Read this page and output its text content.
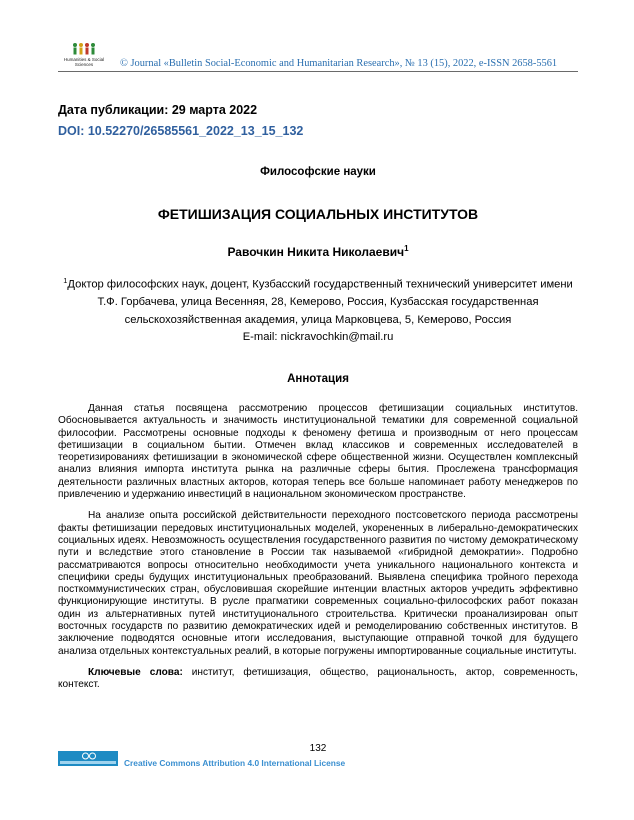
Humanities & Social Sciences	© Journal «Bulletin Social-Economic and Humanitarian Research», № 13 (15), 2022, e-ISSN 2658-5561
Дата публикации: 29 марта 2022
DOI: 10.52270/26585561_2022_13_15_132
Философские науки
ФЕТИШИЗАЦИЯ СОЦИАЛЬНЫХ ИНСТИТУТОВ
Равочкин Никита Николаевич$^1$
$^1$Доктор философских наук, доцент, Кузбасский государственный технический университет имени Т.Ф. Горбачева, улица Весенняя, 28, Кемерово, Россия, Кузбасская государственная сельскохозяйственная академия, улица Марковцева, 5, Кемерово, Россия
E-mail: nickravochkin@mail.ru
Аннотация

Данная статья посвящена рассмотрению процессов фетишизации социальных институтов. Обосновывается актуальность и значимость институциональной тематики для современной социальной философии. Рассмотрены основные подходы к феномену фетиша и производным от него процессам фетишизации в социальном бытии. Отмечен вклад классиков и современных исследователей в теоретизированиях фетишизации в экономической сфере общественной жизни. Осуществлен комплексный анализ влияния импорта института рынка на различные сферы бытия. Прослежена трансформация деятельности различных властных акторов, которая теперь все больше напоминает работу менеджеров по привлечению и удержанию инвестиций в национальном экономическом пространстве.

На анализе опыта российской действительности переходного постсоветского периода рассмотрены факты фетишизации передовых институциональных моделей, укорененных в либерально-демократических социальных идеях. Невозможность осуществления государственного развития по чистому демократическому пути и вследствие этого становление в России так называемой «гибридной демократии». Подробно рассматриваются вопросы относительно необходимости учета уникального национального контекста и специфики среды будущих институциональных преобразований. Выявлена специфика тройного перехода посткоммунистических стран, обусловившая скорейшие интенции властных акторов учредить эффективно функционирующие институты. В русле прагматики современных социально-философских работ показан один из альтернативных путей институционального строительства. Критически проанализирован опыт восточных государств по развитию демократических идей и ремоделированию собственных институтов. В заключение подводятся основные итоги исследования, выступающие отправной точкой для будущего анализа отдельных контекстуальных реалий, в которые погружены импортированные социальные институты.

Ключевые слова: институт, фетишизация, общество, рациональность, актор, современность, контекст.

132
Creative Commons Attribution 4.0 International License
